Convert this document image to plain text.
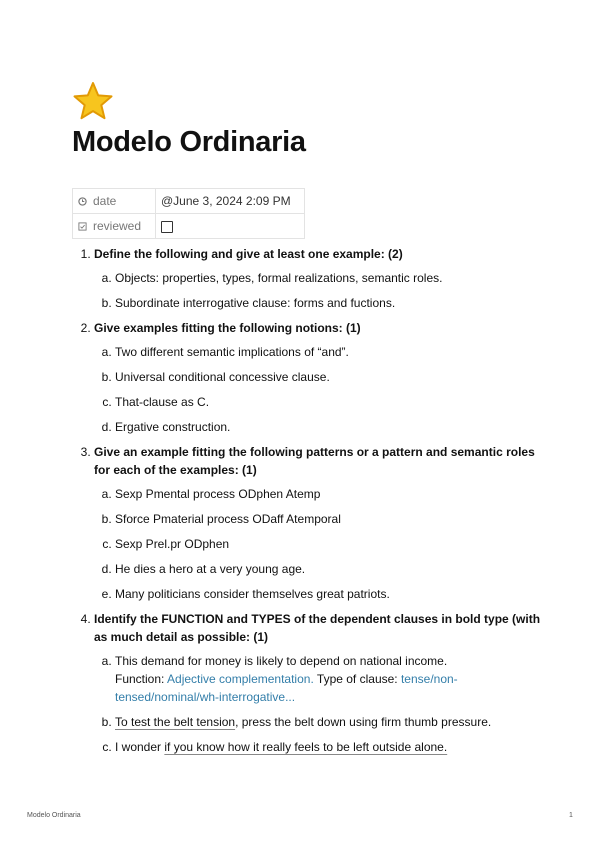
Modelo Ordinaria
date	@June 3, 2024 2:09 PM
reviewed	
1. Define the following and give at least one example: (2)
a. Objects: properties, types, formal realizations, semantic roles.
b. Subordinate interrogative clause: forms and fuctions.
2. Give examples fitting the following notions: (1)
a. Two different semantic implications of “and”.
b. Universal conditional concessive clause.
c. That-clause as C.
d. Ergative construction.
3. Give an example fitting the following patterns or a pattern and semantic roles for each of the examples: (1)
a. Sexp Pmental process ODphen Atemp
b. Sforce Pmaterial process ODaff Atemporal
c. Sexp Prel.pr ODphen
d. He dies a hero at a very young age.
e. Many politicians consider themselves great patriots.
4. Identify the FUNCTION and TYPES of the dependent clauses in bold type (with as much detail as possible: (1)
a. This demand for money is likely to depend on national income.
Function: Adjective complementation. Type of clause: tense/non-tensed/nominal/wh-interrogative...
b. To test the belt tension, press the belt down using firm thumb pressure.
c. I wonder if you know how it really feels to be left outside alone.
Modelo Ordinaria	1
